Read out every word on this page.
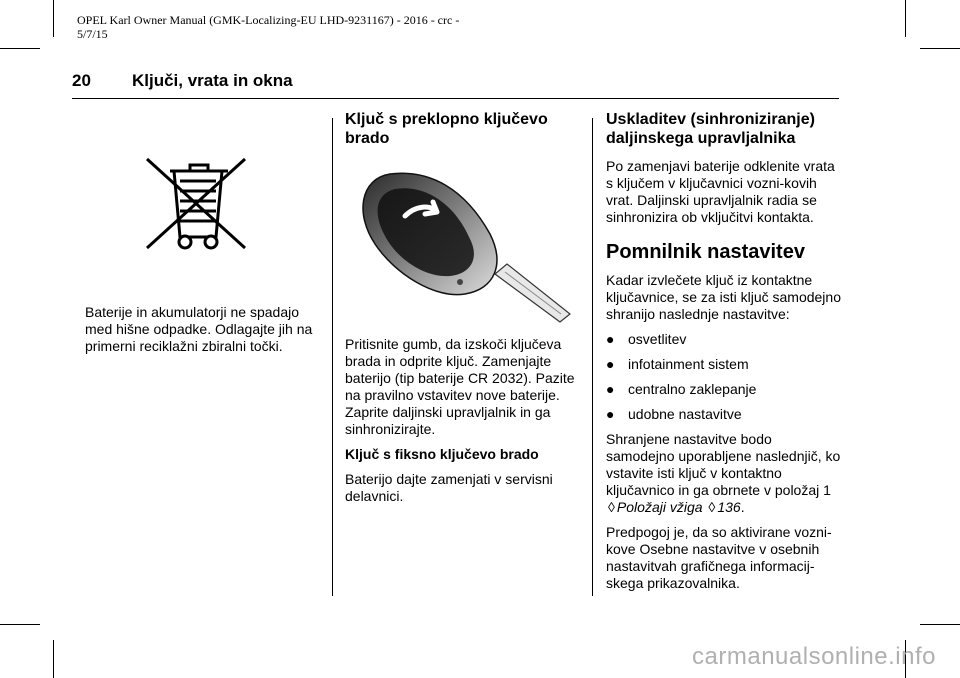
OPEL Karl Owner Manual (GMK-Localizing-EU LHD-9231167) - 2016 - crc -
5/7/15
20 Ključi, vrata in okna

Baterije in akumulatorji ne spadajo med hišne odpadke. Odlagajte jih na primerni reciklažni zbiralni točki.

Ključ s preklopno ključevo brado

Pritisnite gumb, da izskoči ključeva brada in odprite ključ. Zamenjajte baterijo (tip baterije CR 2032). Pazite na pravilno vstavitev nove baterije. Zaprite daljinski upravljalnik in ga sinhronizirajte.

Ključ s fiksno ključevo brado

Baterijo dajte zamenjati v servisni delavnici.

Uskladitev (sinhroniziranje) daljinskega upravljalnika

Po zamenjavi baterije odklenite vrata s ključem v ključavnici vozni-kovih vrat. Daljinski upravljalnik radia se sinhronizira ob vključitvi kontakta.

Pomnilnik nastavitev

Kadar izvlečete ključ iz kontaktne ključavnice, se za isti ključ samodejno shranijo naslednje nastavitve:

● osvetlitev
● infotainment sistem
● centralno zaklepanje
● udobne nastavitve

Shranjene nastavitve bodo samodejno uporabljene naslednjič, ko vstavite isti ključ v kontaktno ključavnico in ga obrnete v položaj 1
◊ Položaji vžiga ◊ 136.

Predpogoj je, da so aktivirane vozni-kove Osebne nastavitve v osebnih nastavitvah grafičnega informacij-skega prikazovalnika.

carmanualsonline.info
